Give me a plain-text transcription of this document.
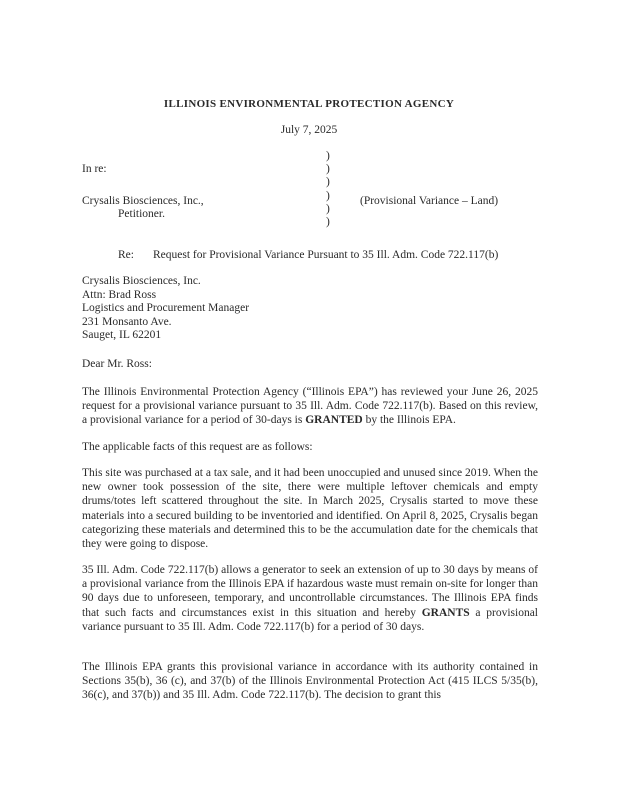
ILLINOIS ENVIRONMENTAL PROTECTION AGENCY
July 7, 2025
In re:
Crysalis Biosciences, Inc.,
Petitioner.
)
)
)
)
)
)
(Provisional Variance – Land)
Re: Request for Provisional Variance Pursuant to 35 Ill. Adm. Code 722.117(b)
Crysalis Biosciences, Inc.
Attn: Brad Ross
Logistics and Procurement Manager
231 Monsanto Ave.
Sauget, IL 62201
Dear Mr. Ross:
The Illinois Environmental Protection Agency (“Illinois EPA”) has reviewed your June 26, 2025 request for a provisional variance pursuant to 35 Ill. Adm. Code 722.117(b). Based on this review, a provisional variance for a period of 30-days is GRANTED by the Illinois EPA.
The applicable facts of this request are as follows:
This site was purchased at a tax sale, and it had been unoccupied and unused since 2019. When the new owner took possession of the site, there were multiple leftover chemicals and empty drums/totes left scattered throughout the site. In March 2025, Crysalis started to move these materials into a secured building to be inventoried and identified. On April 8, 2025, Crysalis began categorizing these materials and determined this to be the accumulation date for the chemicals that they were going to dispose.
35 Ill. Adm. Code 722.117(b) allows a generator to seek an extension of up to 30 days by means of a provisional variance from the Illinois EPA if hazardous waste must remain on-site for longer than 90 days due to unforeseen, temporary, and uncontrollable circumstances. The Illinois EPA finds that such facts and circumstances exist in this situation and hereby GRANTS a provisional variance pursuant to 35 Ill. Adm. Code 722.117(b) for a period of 30 days.
The Illinois EPA grants this provisional variance in accordance with its authority contained in Sections 35(b), 36 (c), and 37(b) of the Illinois Environmental Protection Act (415 ILCS 5/35(b), 36(c), and 37(b)) and 35 Ill. Adm. Code 722.117(b). The decision to grant this
